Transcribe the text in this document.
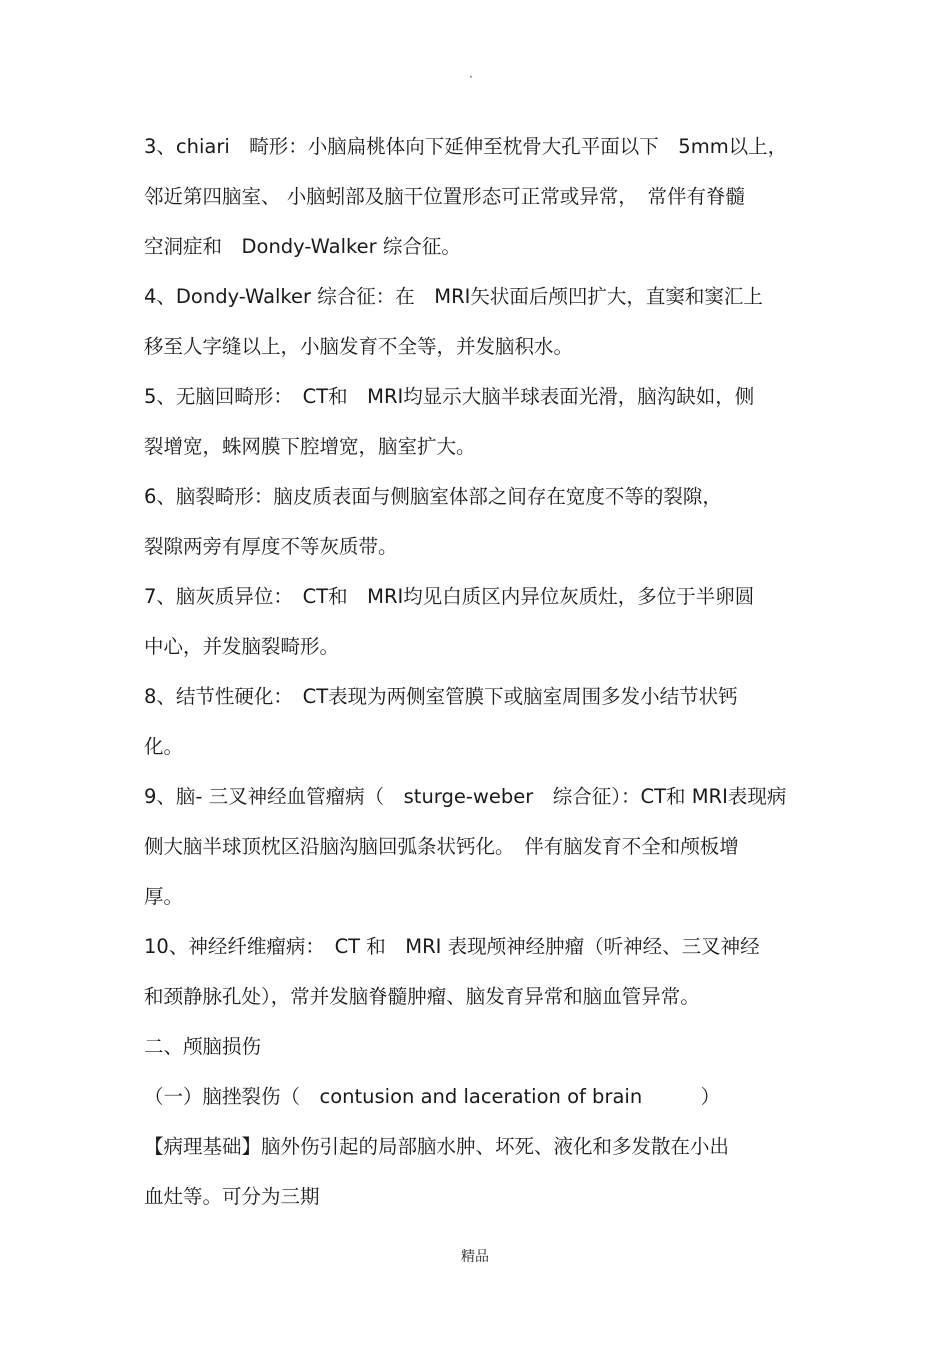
·
3、chiari　畸形：小脑扁桃体向下延伸至枕骨大孔平面以下　5mm以上，
邻近第四脑室、 小脑蚓部及脑干位置形态可正常或异常，　常伴有脊髓
空洞症和　Dondy-Walker 综合征。
4、Dondy-Walker 综合征：在　MRI矢状面后颅凹扩大，直窦和窦汇上
移至人字缝以上，小脑发育不全等，并发脑积水。
5、无脑回畸形：　CT和　MRI均显示大脑半球表面光滑，脑沟缺如，侧
裂增宽，蛛网膜下腔增宽，脑室扩大。
6、脑裂畸形：脑皮质表面与侧脑室体部之间存在宽度不等的裂隙，
裂隙两旁有厚度不等灰质带。
7、脑灰质异位：　CT和　MRI均见白质区内异位灰质灶，多位于半卵圆
中心，并发脑裂畸形。
8、结节性硬化：　CT表现为两侧室管膜下或脑室周围多发小结节状钙
化。
9、脑- 三叉神经血管瘤病（　sturge-weber　综合征）：CT和 MRI表现病
侧大脑半球顶枕区沿脑沟脑回弧条状钙化。　伴有脑发育不全和颅板增
厚。
10、神经纤维瘤病：　CT 和　MRI 表现颅神经肿瘤（听神经、三叉神经
和颈静脉孔处），常并发脑脊髓肿瘤、脑发育异常和脑血管异常。
二、颅脑损伤
（一）脑挫裂伤（　contusion and laceration of brain　　　）
【病理基础】脑外伤引起的局部脑水肿、坏死、液化和多发散在小出
血灶等。可分为三期
精品
